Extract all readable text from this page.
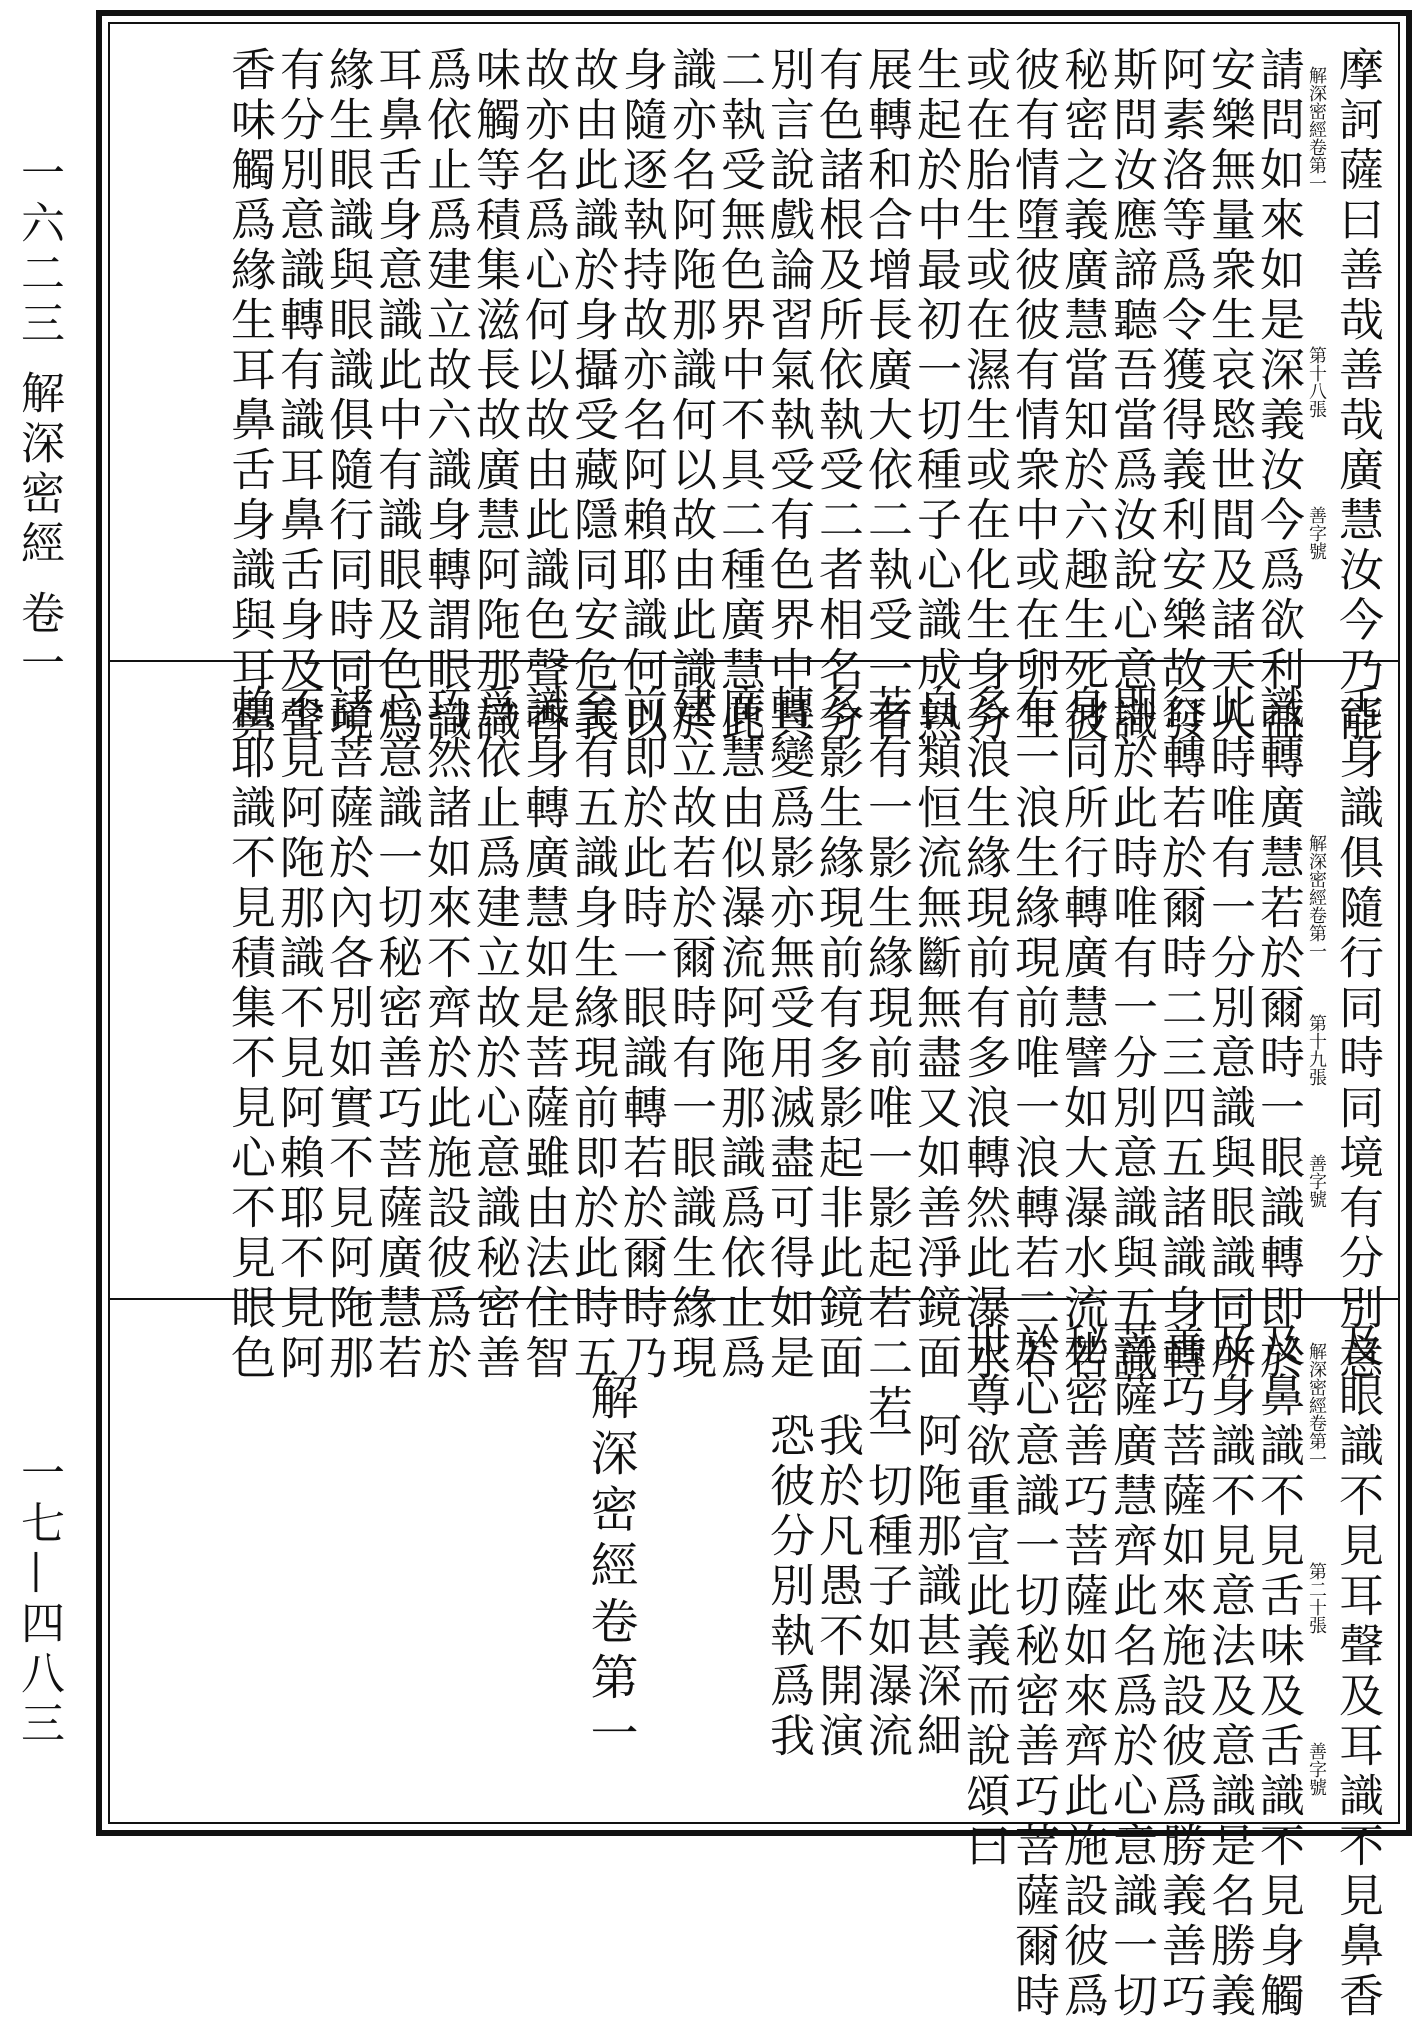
一六二三 解深密經 卷一
一七—四八三
摩訶薩曰善哉善哉廣慧汝今乃能
解深密經卷第一
第十八張
善字號
請問如來如是深義汝今爲欲利益
安樂無量衆生哀愍世間及諸天人
阿素洛等爲令獲得義利安樂故發
斯問汝應諦聽吾當爲汝說心意識
秘密之義廣慧當知於六趣生死彼
彼有情墮彼彼有情衆中或在卵生
或在胎生或在濕生或在化生身分
生起於中最初一切種子心識成熟
展轉和合增長廣大依二執受一者
有色諸根及所依執受二者相名分
別言說戲論習氣執受有色界中具
二執受無色界中不具二種廣慧此
識亦名阿陁那識何以故由此識於
身隨逐執持故亦名阿賴耶識何以
故由此識於身攝受藏隱同安危義
故亦名爲心何以故由此識色聲香
味觸等積集滋長故廣慧阿陁那識
爲依止爲建立故六識身轉謂眼識
耳鼻舌身意識此中有識眼及色爲
緣生眼識與眼識俱隨行同時同境
有分別意識轉有識耳鼻舌身及聲
香味觸爲緣生耳鼻舌身識與耳鼻
舌身識俱隨行同時同境有分別意
解深密經卷第一
第十九張
善字號
識轉廣慧若於爾時一眼識轉即於
此時唯有一分別意識與眼識同所
行轉若於爾時二三四五諸識身轉
即於此時唯有一分別意識與五識
身同所行轉廣慧譬如大瀑水流若
有一浪生緣現前唯一浪轉若二若
多浪生緣現前有多浪轉然此瀑水
自類恒流無斷無盡又如善淨鏡面
若有一影生緣現前唯一影起若二若
多影生緣現前有多影起非此鏡面
轉變爲影亦無受用滅盡可得如是
廣慧由似瀑流阿陁那識爲依止爲
建立故若於爾時有一眼識生緣現
前即於此時一眼識轉若於爾時乃
至有五識身生緣現前即於此時五
識身轉廣慧如是菩薩雖由法住智
爲依止爲建立故於心意識秘密善
巧然諸如來不齊於此施設彼爲於
心意識一切秘密善巧菩薩廣慧若
諸菩薩於內各別如實不見阿陁那
不見阿陁那識不見阿賴耶不見阿
賴耶識不見積集不見心不見眼色
及眼識不見耳聲及耳識不見鼻香
解深密經卷第一
第二十張
善字號
及鼻識不見舌味及舌識不見身觸
及身識不見意法及意識是名勝義
善巧菩薩如來施設彼爲勝義善巧
菩薩廣慧齊此名爲於心意識一切
秘密善巧菩薩如來齊此施設彼爲
於心意識一切秘密善巧菩薩爾時
世尊欲重宣此義而說頌曰
阿陁那識甚深細
一切種子如瀑流
我於凡愚不開演
恐彼分別執爲我
解深密經卷第一
